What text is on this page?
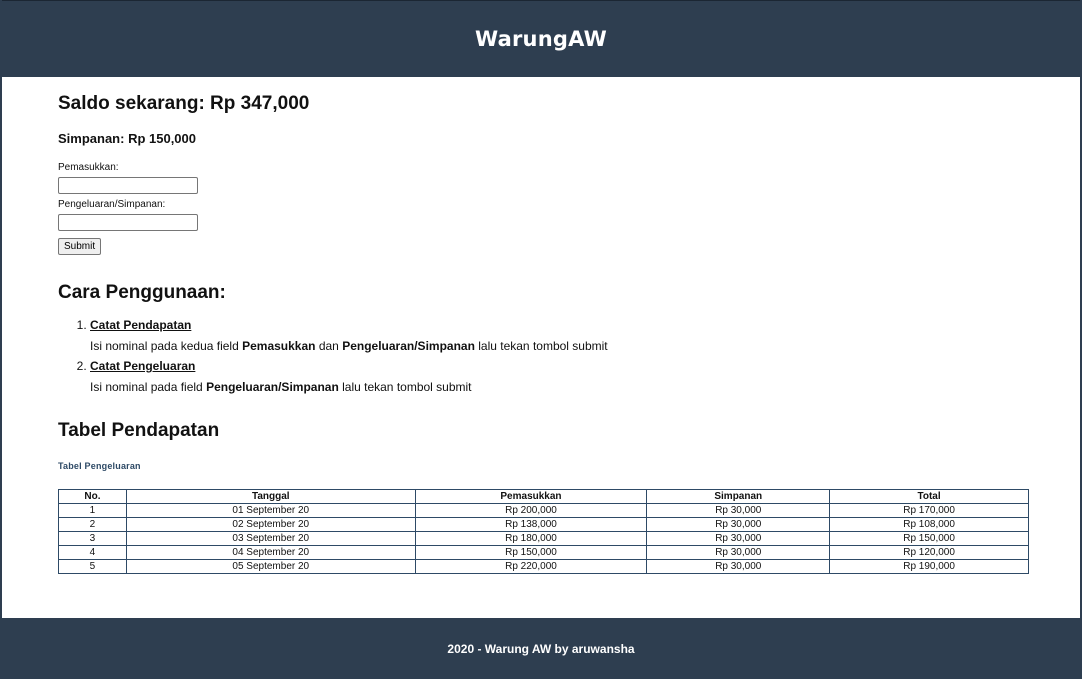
WarungAW
Saldo sekarang: Rp 347,000
Simpanan: Rp 150,000
Pemasukkan:
Pengeluaran/Simpanan:

Submit
Cara Penggunaan:
1. Catat Pendapatan
Isi nominal pada kedua field Pemasukkan dan Pengeluaran/Simpanan lalu tekan tombol submit
2. Catat Pengeluaran
Isi nominal pada field Pengeluaran/Simpanan lalu tekan tombol submit
Tabel Pendapatan
Tabel Pengeluaran
No.	Tanggal	Pemasukkan	Simpanan	Total
1	01 September 20	Rp 200,000	Rp 30,000	Rp 170,000
2	02 September 20	Rp 138,000	Rp 30,000	Rp 108,000
3	03 September 20	Rp 180,000	Rp 30,000	Rp 150,000
4	04 September 20	Rp 150,000	Rp 30,000	Rp 120,000
5	05 September 20	Rp 220,000	Rp 30,000	Rp 190,000
2020 - Warung AW by aruwansha
